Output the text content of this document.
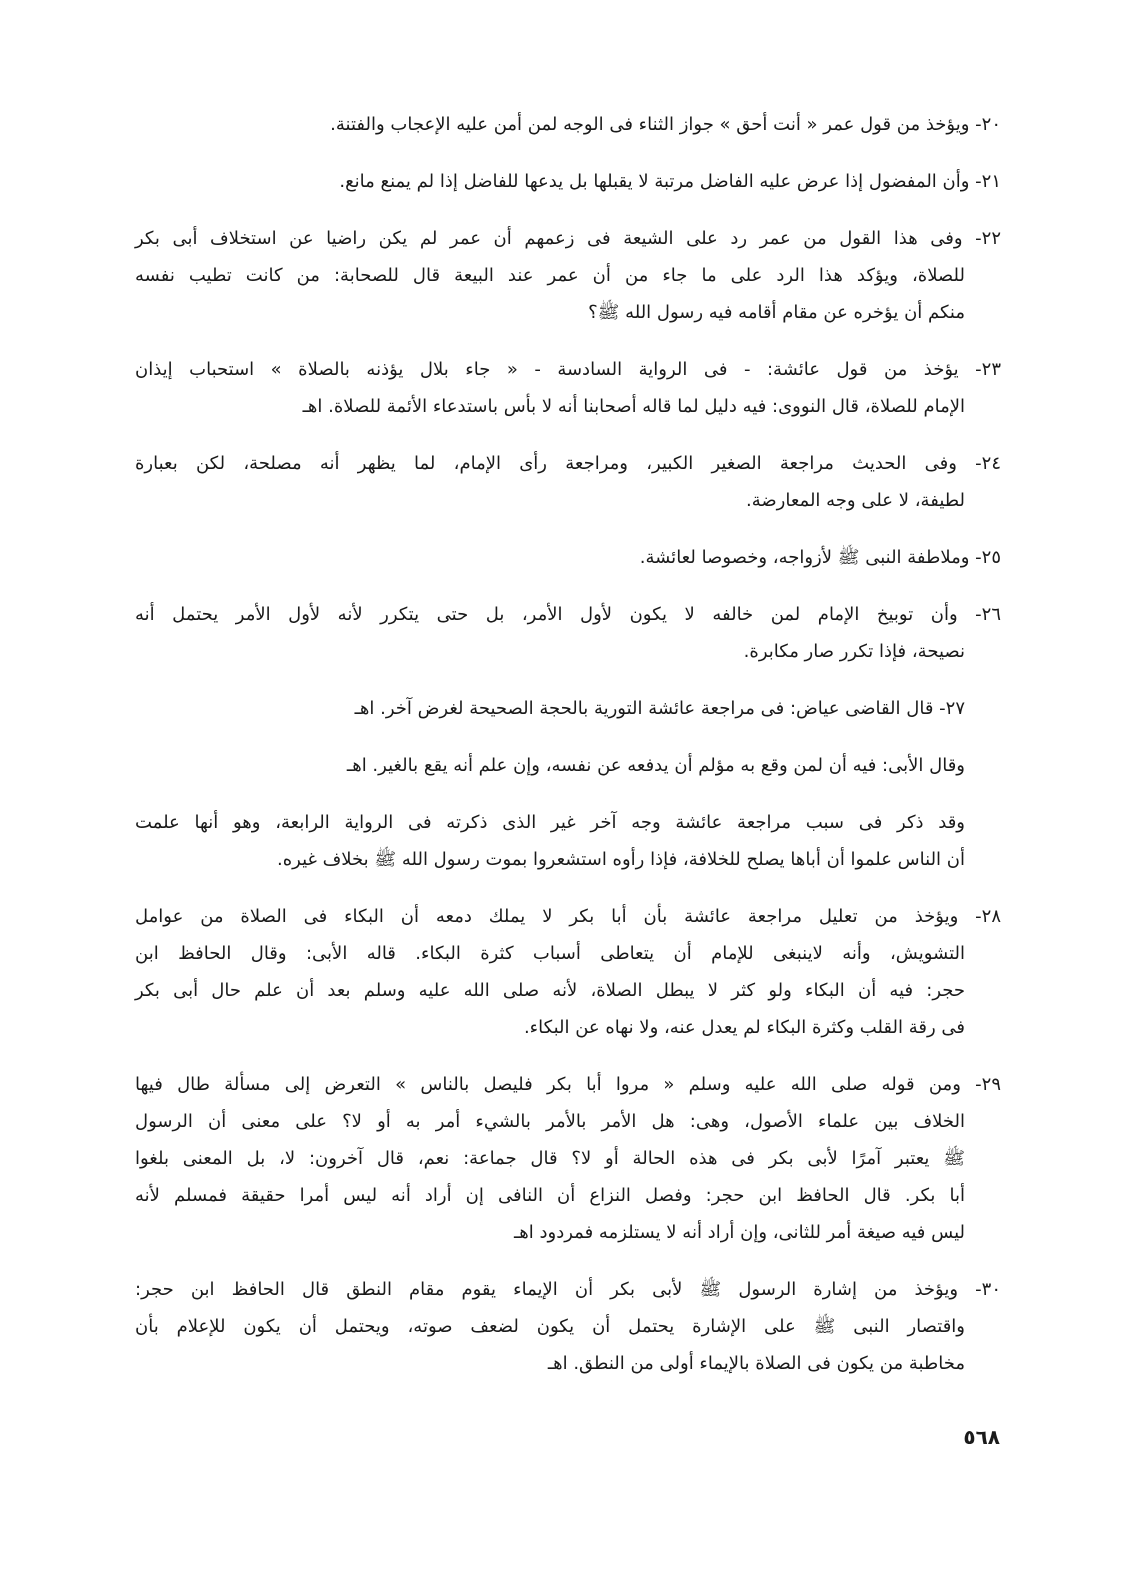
٢٠- ويؤخذ من قول عمر « أنت أحق » جواز الثناء فى الوجه لمن أمن عليه الإعجاب والفتنة.
٢١- وأن المفضول إذا عرض عليه الفاضل مرتبة لا يقبلها بل يدعها للفاضل إذا لم يمنع مانع.
٢٢- وفى هذا القول من عمر رد على الشيعة فى زعمهم أن عمر لم يكن راضيا عن استخلاف أبى بكر
للصلاة، ويؤكد هذا الرد على ما جاء من أن عمر عند البيعة قال للصحابة: من كانت تطيب نفسه
منكم أن يؤخره عن مقام أقامه فيه رسول الله ﷺ؟
٢٣- يؤخذ من قول عائشة: - فى الرواية السادسة - « جاء بلال يؤذنه بالصلاة » استحباب إيذان
الإمام للصلاة، قال النووى: فيه دليل لما قاله أصحابنا أنه لا بأس باستدعاء الأئمة للصلاة. اهـ
٢٤- وفى الحديث مراجعة الصغير الكبير، ومراجعة رأى الإمام، لما يظهر أنه مصلحة، لكن بعبارة
لطيفة، لا على وجه المعارضة.
٢٥- وملاطفة النبى ﷺ لأزواجه، وخصوصا لعائشة.
٢٦- وأن توبيخ الإمام لمن خالفه لا يكون لأول الأمر، بل حتى يتكرر لأنه لأول الأمر يحتمل أنه
نصيحة، فإذا تكرر صار مكابرة.
٢٧- قال القاضى عياض: فى مراجعة عائشة التورية بالحجة الصحيحة لغرض آخر. اهـ
وقال الأبى: فيه أن لمن وقع به مؤلم أن يدفعه عن نفسه، وإن علم أنه يقع بالغير. اهـ
وقد ذكر فى سبب مراجعة عائشة وجه آخر غير الذى ذكرته فى الرواية الرابعة، وهو أنها علمت
أن الناس علموا أن أباها يصلح للخلافة، فإذا رأوه استشعروا بموت رسول الله ﷺ بخلاف غيره.
٢٨- ويؤخذ من تعليل مراجعة عائشة بأن أبا بكر لا يملك دمعه أن البكاء فى الصلاة من عوامل
التشويش، وأنه لاينبغى للإمام أن يتعاطى أسباب كثرة البكاء. قاله الأبى: وقال الحافظ ابن
حجر: فيه أن البكاء ولو كثر لا يبطل الصلاة، لأنه صلى الله عليه وسلم بعد أن علم حال أبى بكر
فى رقة القلب وكثرة البكاء لم يعدل عنه، ولا نهاه عن البكاء.
٢٩- ومن قوله صلى الله عليه وسلم « مروا أبا بكر فليصل بالناس » التعرض إلى مسألة طال فيها
الخلاف بين علماء الأصول، وهى: هل الأمر بالأمر بالشيء أمر به أو لا؟ على معنى أن الرسول
ﷺ يعتبر آمرًا لأبى بكر فى هذه الحالة أو لا؟ قال جماعة: نعم، قال آخرون: لا، بل المعنى بلغوا
أبا بكر. قال الحافظ ابن حجر: وفصل النزاع أن النافى إن أراد أنه ليس أمرا حقيقة فمسلم لأنه
ليس فيه صيغة أمر للثانى، وإن أراد أنه لا يستلزمه فمردود اهـ
٣٠- ويؤخذ من إشارة الرسول ﷺ لأبى بكر أن الإيماء يقوم مقام النطق قال الحافظ ابن حجر:
واقتصار النبى ﷺ على الإشارة يحتمل أن يكون لضعف صوته، ويحتمل أن يكون للإعلام بأن
مخاطبة من يكون فى الصلاة بالإيماء أولى من النطق. اهـ
٥٦٨
